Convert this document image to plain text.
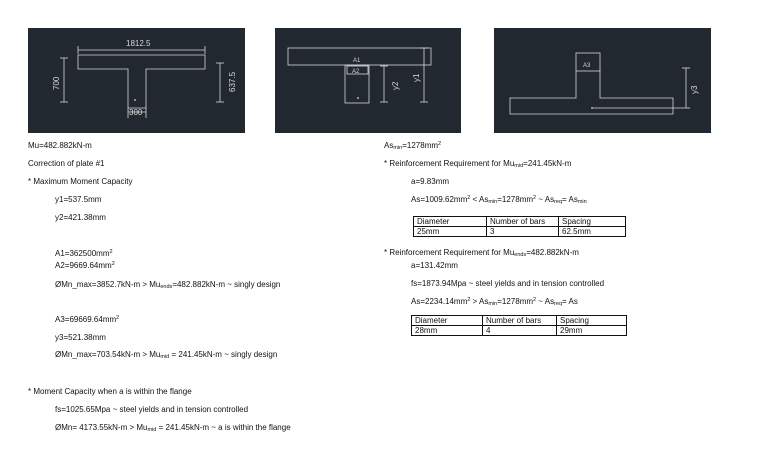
1812.5
700	637.5
300
A1
A2
y2
y1
A3
y3
Mu=482.882kN-m
Correction of plate #1
* Maximum Moment Capacity
y1=537.5mm
y2=421.38mm
$A1=362500mm^2$
$A2=9669.64mm^2$
ØMn_max=3852.7kN-m > $Mu_{ends}=482.882kN-m$ ~ singly design
$A3=69669.64mm^2$
y3=521.38mm
ØMn_max=703.54kN-m > $Mu_{mid} = 241.45kN-m$ ~ singly design
* Moment Capacity when a is within the flange
fs=1025.65Mpa ~ steel yields and in tension controlled
ØMn= $4173.55kN-m > Mu_{mid} = 241.45kN-m$ ~ a is within the flange
$As_{min}=1278mm^2$
* Reinforcement Requirement for $Mu_{mid}=241.45kN-m$
a=9.83mm
$As=1009.62mm^2 < As_{min}=1278mm^2$ ~ $As_{req}= As_{min}$
Diameter	Number of bars	Spacing
25mm	3	62.5mm
* Reinforcement Requirement for $Mu_{ends}=482.882kN-m$
a=131.42mm
fs=1873.94Mpa ~ steel yields and in tension controlled
$As=2234.14mm^2 > As_{min}=1278mm^2$ ~ $As_{req}= As$
Diameter	Number of bars	Spacing
28mm	4	29mm
